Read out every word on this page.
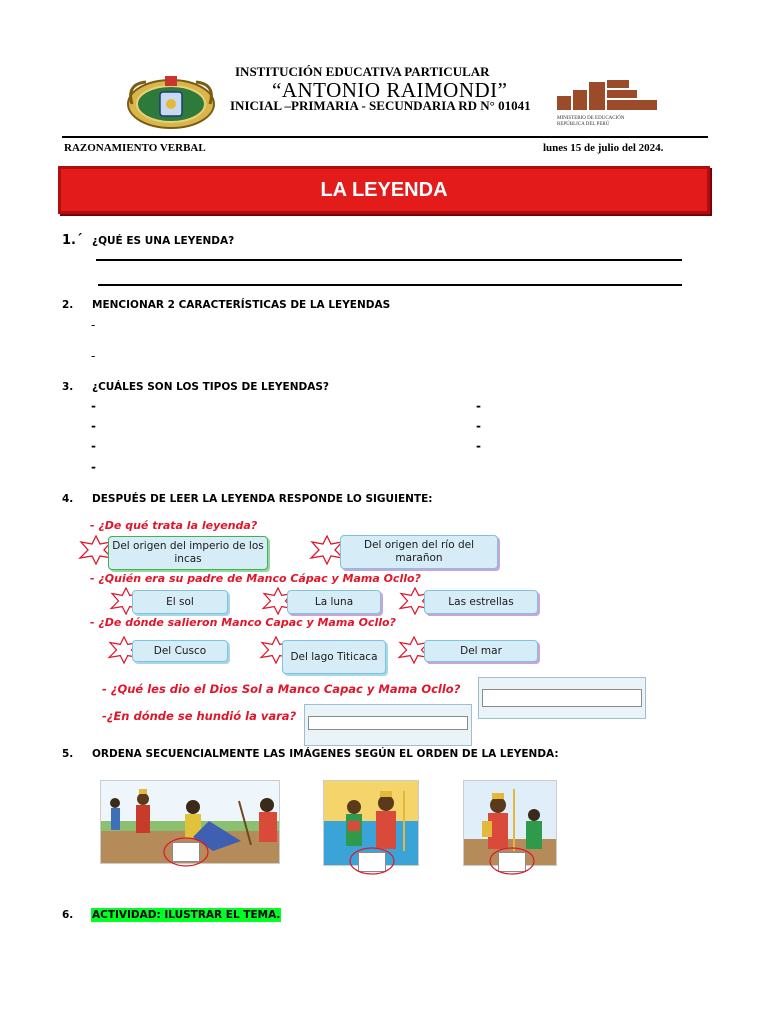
INSTITUCIÓN EDUCATIVA PARTICULAR
“ANTONIO RAIMONDI”
INICIAL –PRIMARIA - SECUNDARIA RD N° 01041
MINISTERIO DE EDUCACIÓN REPÚBLICA DEL PERÚ
RAZONAMIENTO VERBAL	lunes 15 de julio del 2024.
LA LEYENDA
1.´ ¿QUÉ ES UNA LEYENDA?
2. MENCIONAR 2 CARACTERÍSTICAS DE LA LEYENDAS
-
-
3. ¿CUÁLES SON LOS TIPOS DE LEYENDAS?
-
-
-
-
-
-
-
4. DESPUÉS DE LEER LA LEYENDA RESPONDE LO SIGUIENTE:
- ¿De qué trata la leyenda?
Del origen del imperio de los incas
Del origen del río del marañon
- ¿Quién era su padre de Manco Cápac y Mama Ocllo?
El sol	La luna	Las estrellas
- ¿De dónde salieron Manco Capac y Mama Ocllo?
Del Cusco	Del lago Titicaca	Del mar
- ¿Qué les dio el Dios Sol a Manco Capac y Mama Ocllo?
-¿En dónde se hundió la vara?
5. ORDENA SECUENCIALMENTE LAS IMÁGENES SEGÚN EL ORDEN DE LA LEYENDA:
6. ACTIVIDAD: ILUSTRAR EL TEMA.
